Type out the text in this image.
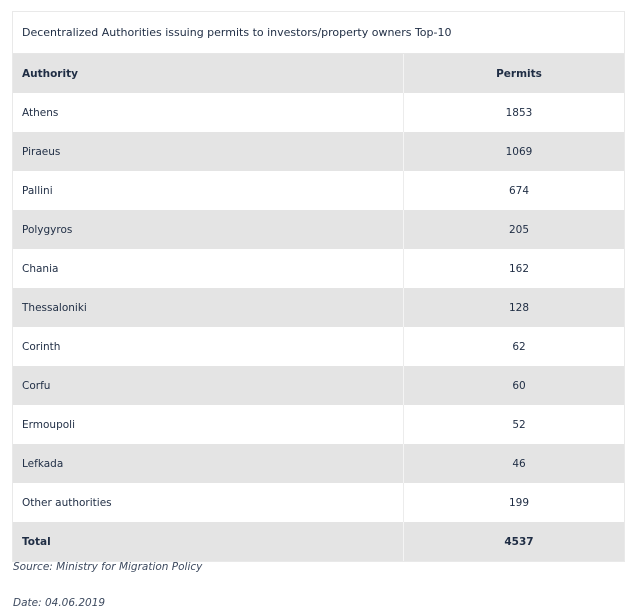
Decentralized Authorities issuing permits to investors/property owners Top-10
Authority	Permits
Athens	1853
Piraeus	1069
Pallini	674
Polygyros	205
Chania	162
Thessaloniki	128
Corinth	62
Corfu	60
Ermoupoli	52
Lefkada	46
Other authorities	199
Total	4537
Source: Ministry for Migration Policy
Date: 04.06.2019
